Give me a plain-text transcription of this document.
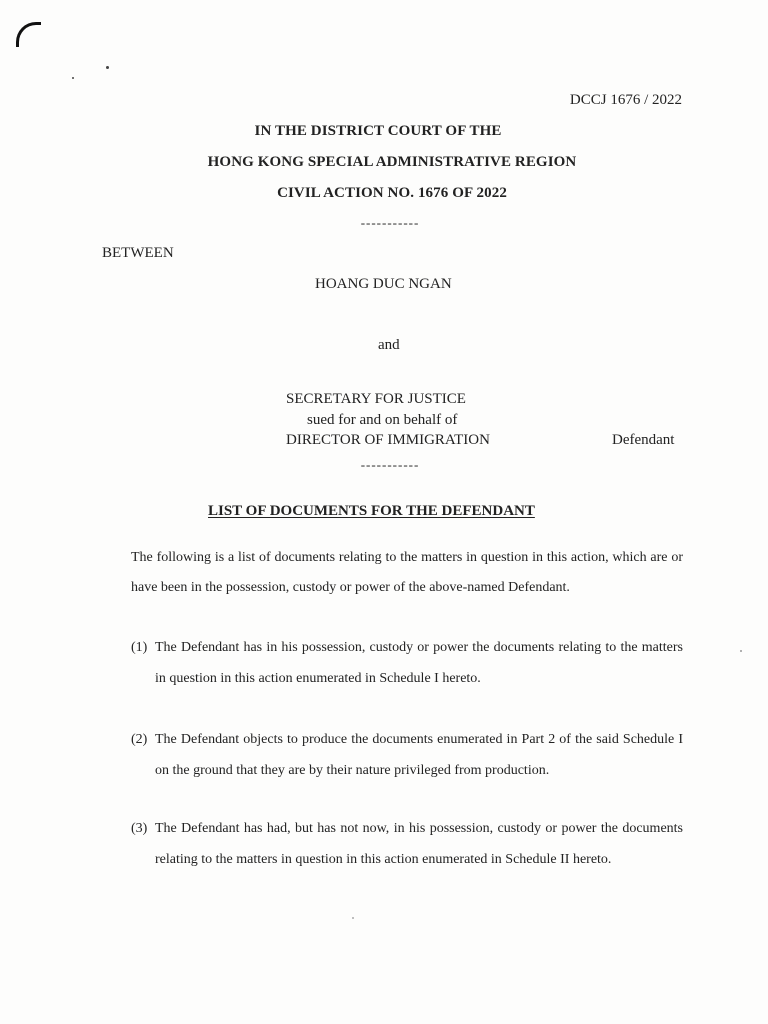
DCCJ 1676 / 2022
IN THE DISTRICT COURT OF THE
HONG KONG SPECIAL ADMINISTRATIVE REGION
CIVIL ACTION NO. 1676 OF 2022
-----------
BETWEEN
HOANG DUC NGAN
and
SECRETARY FOR JUSTICE
sued for and on behalf of
DIRECTOR OF IMMIGRATION	Defendant
-----------
LIST OF DOCUMENTS FOR THE DEFENDANT
The following is a list of documents relating to the matters in question in this action, which are or have been in the possession, custody or power of the above-named Defendant.
(1) The Defendant has in his possession, custody or power the documents relating to the matters in question in this action enumerated in Schedule I hereto.
(2) The Defendant objects to produce the documents enumerated in Part 2 of the said Schedule I on the ground that they are by their nature privileged from production.
(3) The Defendant has had, but has not now, in his possession, custody or power the documents relating to the matters in question in this action enumerated in Schedule II hereto.
